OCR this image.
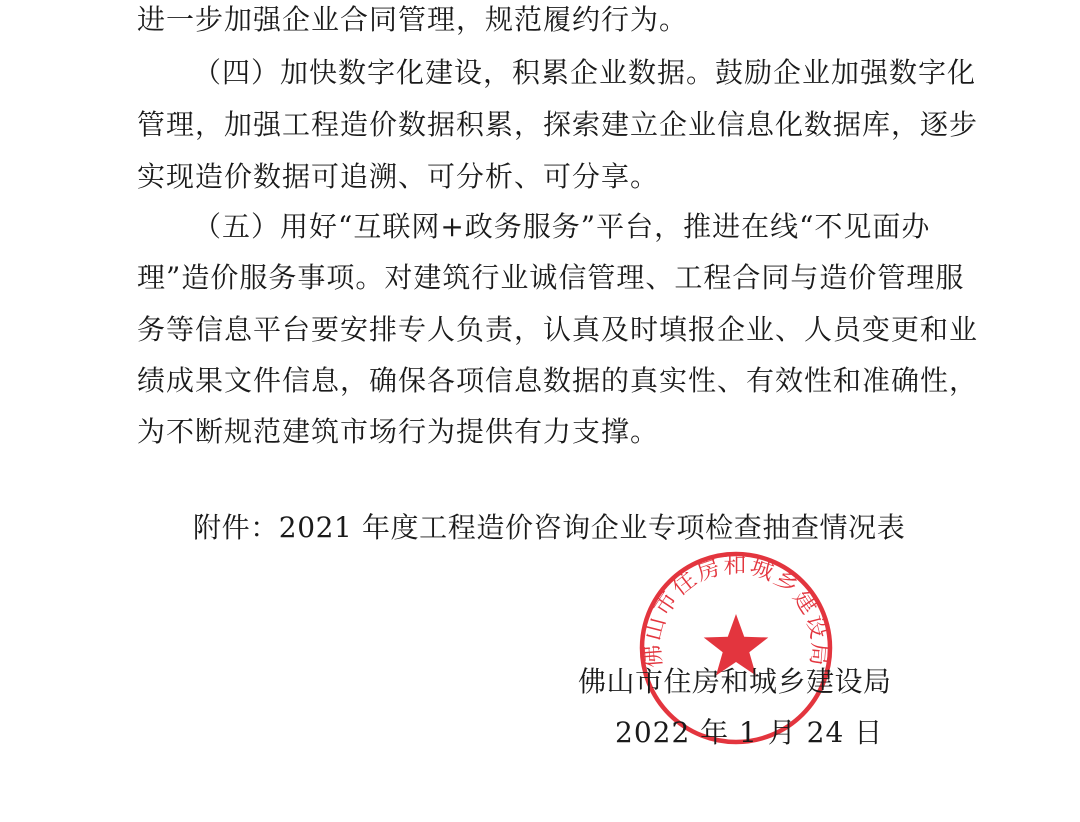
进一步加强企业合同管理，规范履约行为。
（四）加快数字化建设，积累企业数据。鼓励企业加强数字化
管理，加强工程造价数据积累，探索建立企业信息化数据库，逐步
实现造价数据可追溯、可分析、可分享。
（五）用好“互联网+政务服务”平台，推进在线“不见面办
理”造价服务事项。对建筑行业诚信管理、工程合同与造价管理服
务等信息平台要安排专人负责，认真及时填报企业、人员变更和业
绩成果文件信息，确保各项信息数据的真实性、有效性和准确性，
为不断规范建筑市场行为提供有力支撑。
附件：2021 年度工程造价咨询企业专项检查抽查情况表
佛山市住房和城乡建设局
佛山市住房和城乡建设局
2022 年 1 月 24 日
